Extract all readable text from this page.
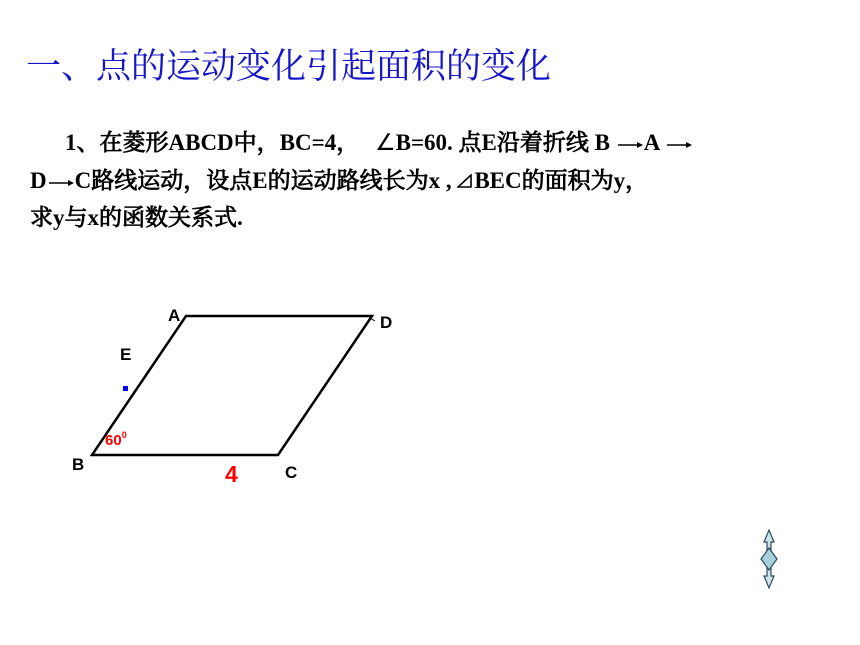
一、点的运动变化引起面积的变化
1、在菱形ABCD中，BC=4， ∠B=60. 点E沿着折线 B A
D C路线运动，设点E的运动路线长为x , BEC的面积为y，
求y与x的函数关系式.
A	D
E
B	C
$60^0$
4
